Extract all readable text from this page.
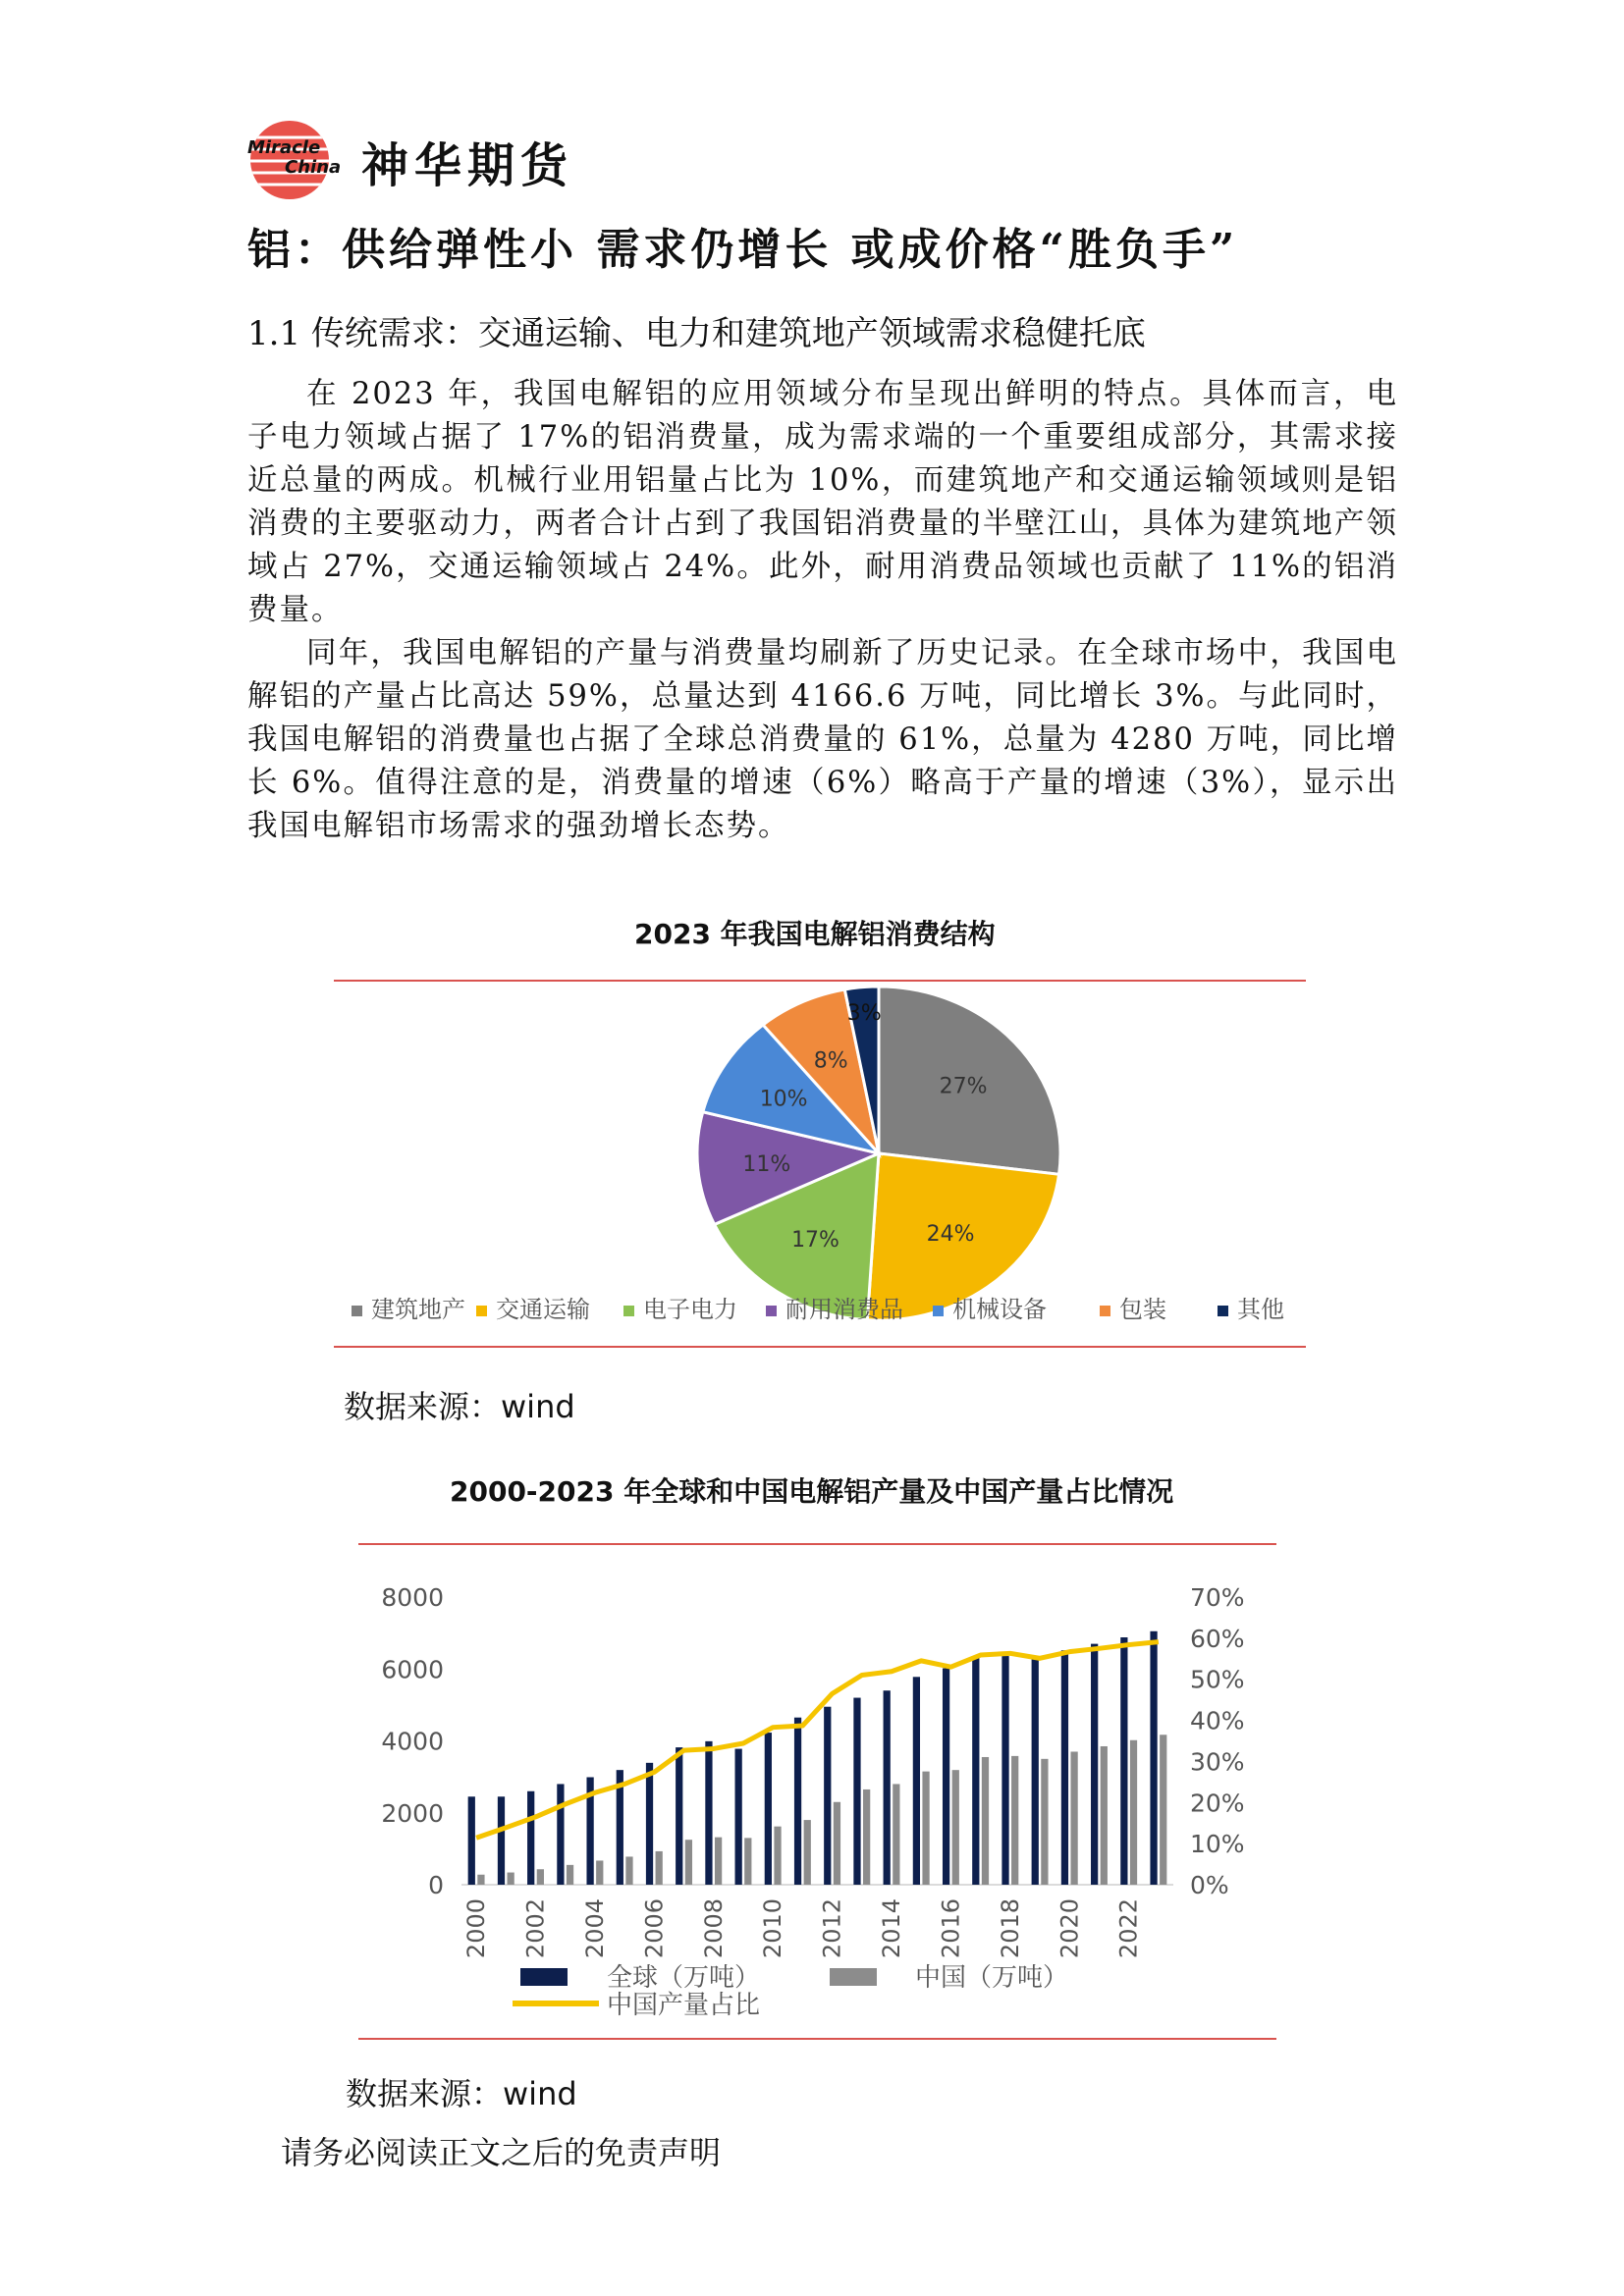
Miracle
China 神华期货
铝：供给弹性小 需求仍增长 或成价格“胜负手”
1.1 传统需求：交通运输、电力和建筑地产领域需求稳健托底

在 2023 年，我国电解铝的应用领域分布呈现出鲜明的特点。具体而言，电子电力领域占据了 17%的铝消费量，成为需求端的一个重要组成部分，其需求接近总量的两成。机械行业用铝量占比为 10%，而建筑地产和交通运输领域则是铝消费的主要驱动力，两者合计占到了我国铝消费量的半壁江山，具体为建筑地产领域占 27%，交通运输领域占 24%。此外，耐用消费品领域也贡献了 11%的铝消费量。

同年，我国电解铝的产量与消费量均刷新了历史记录。在全球市场中，我国电解铝的产量占比高达 59%，总量达到 4166.6 万吨，同比增长 3%。与此同时，我国电解铝的消费量也占据了全球总消费量的 61%，总量为 4280 万吨，同比增长 6%。值得注意的是，消费量的增速（6%）略高于产量的增速（3%），显示出我国电解铝市场需求的强劲增长态势。

2023 年我国电解铝消费结构
27%
24%
17%
11%
10%
8%
3%
建筑地产 交通运输 电子电力 耐用消费品 机械设备	包装	其他
数据来源：wind
2000-2023 年全球和中国电解铝产量及中国产量占比情况
0
2000
4000
6000
8000
0%
10%
20%
30%
40%
50%
60%
70%
2000 2002 2004 2006 2008 2010 2012 2014 2016 2018 2020 2022
全球（万吨）	中国（万吨）
中国产量占比
数据来源：wind
请务必阅读正文之后的免责声明
